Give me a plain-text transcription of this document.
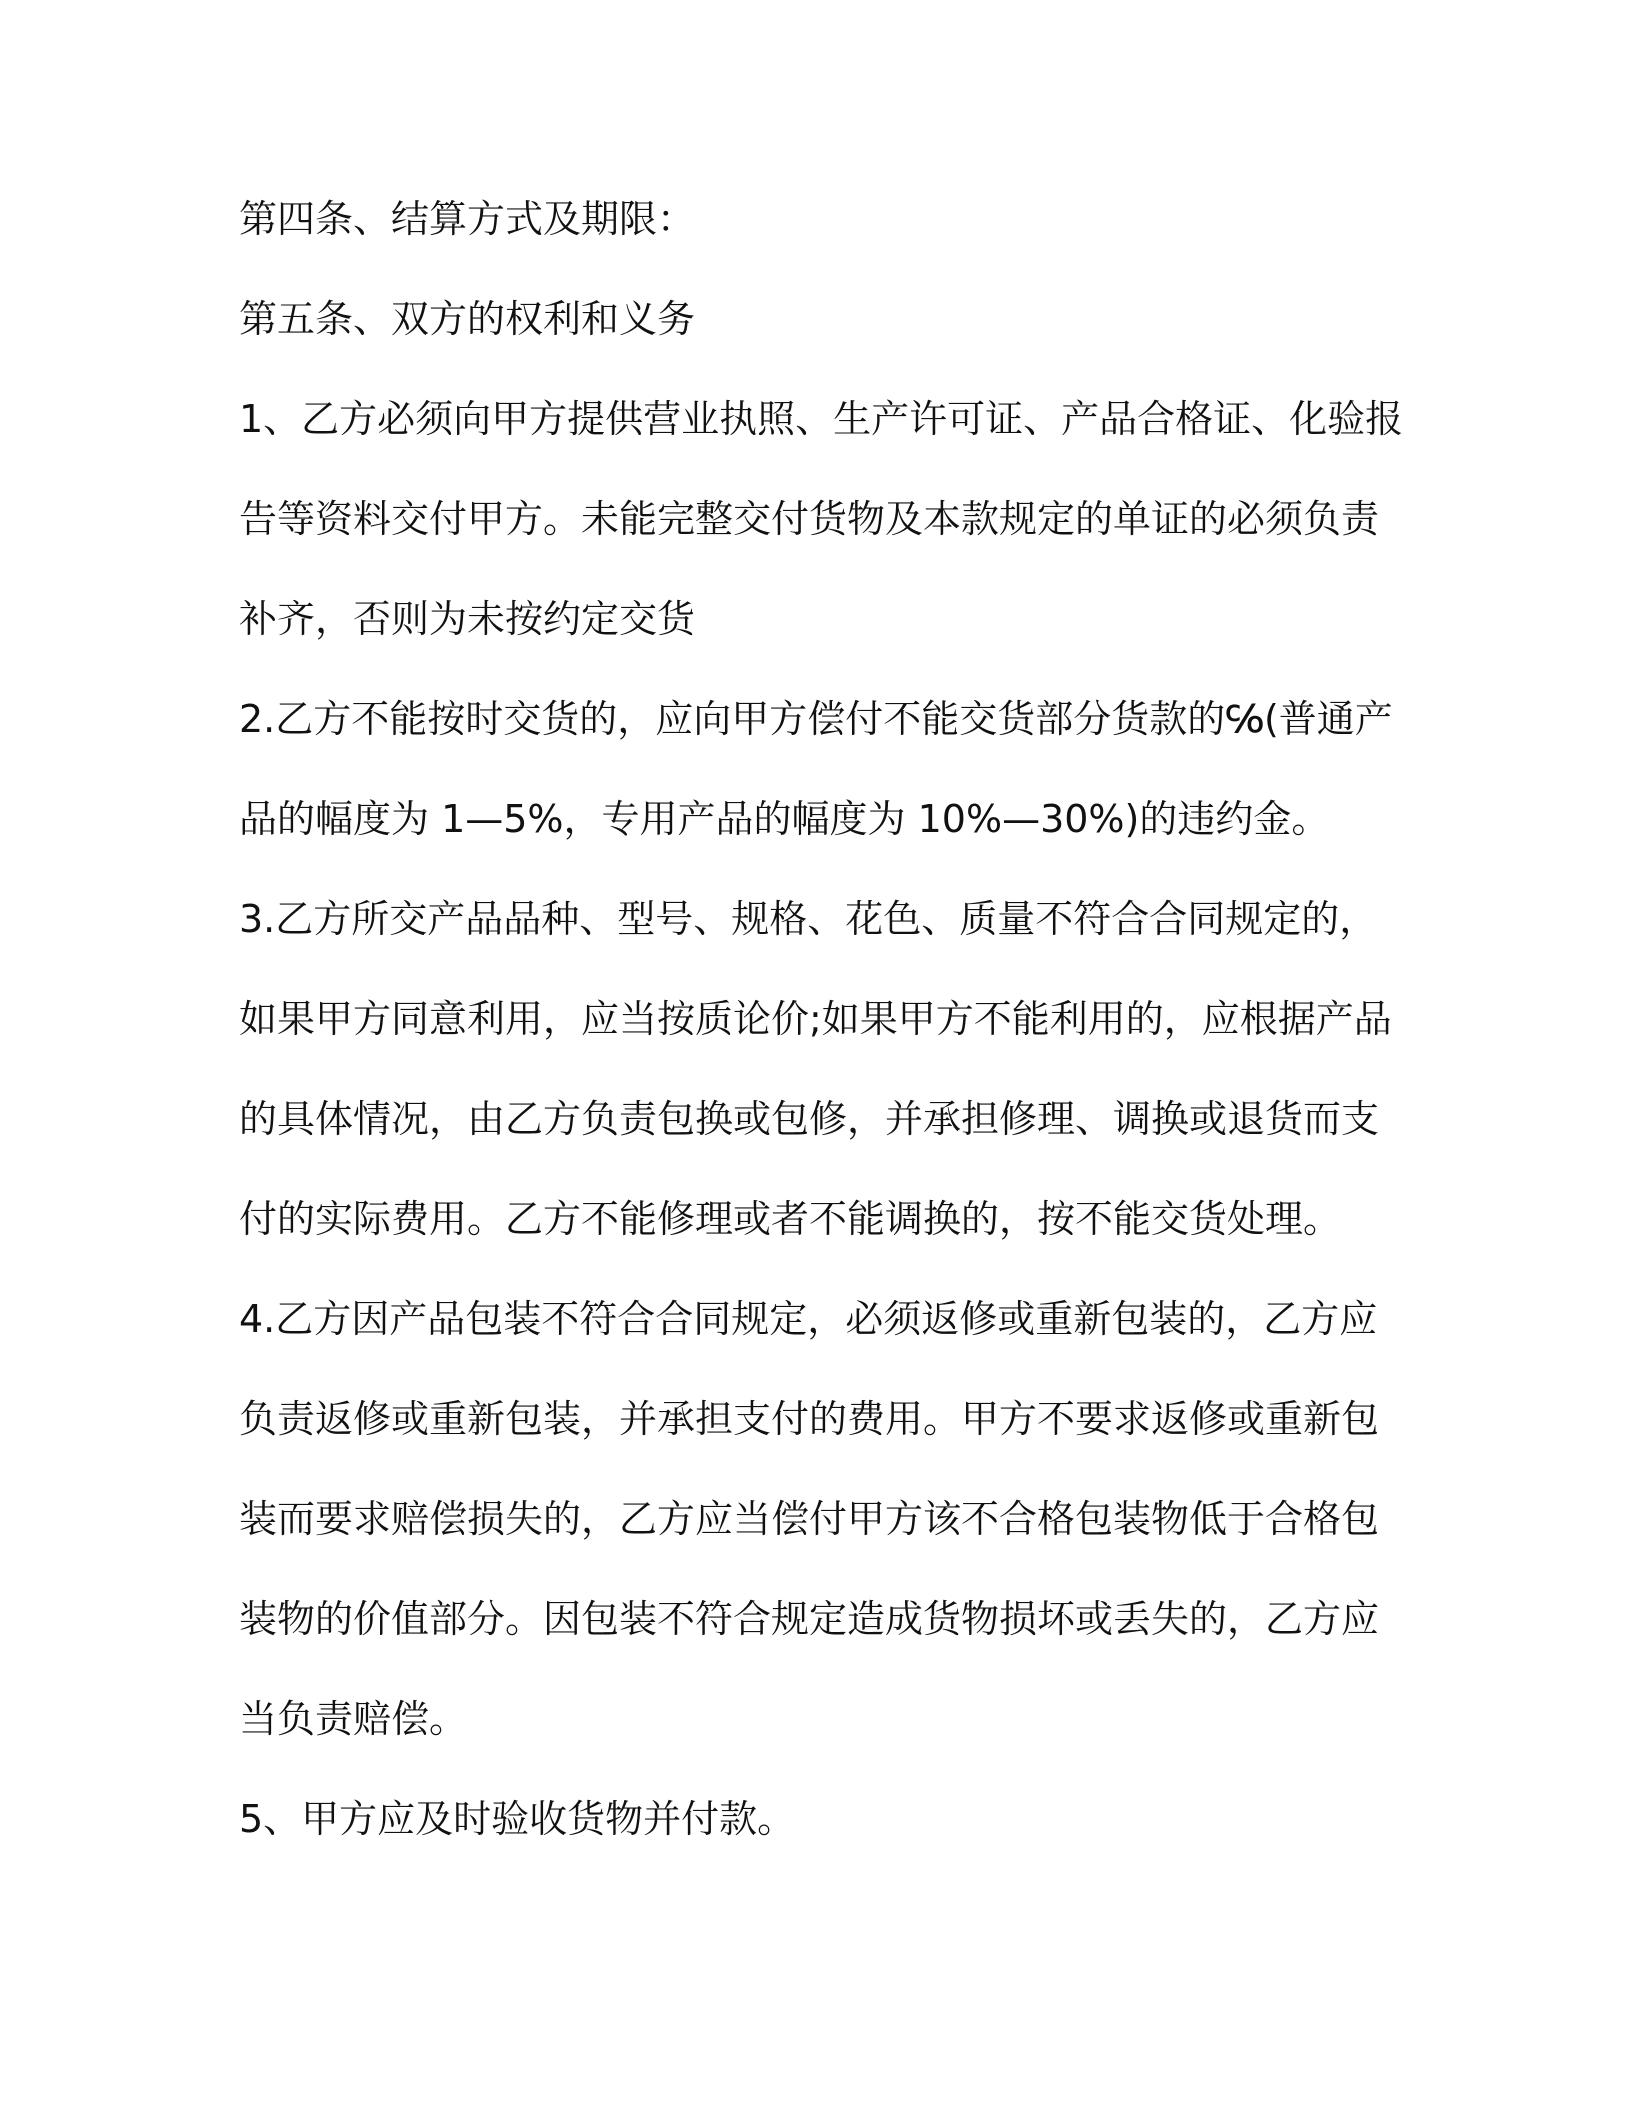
第四条、结算方式及期限：
第五条、双方的权利和义务
1、乙方必须向甲方提供营业执照、生产许可证、产品合格证、化验报
告等资料交付甲方。未能完整交付货物及本款规定的单证的必须负责
补齐，否则为未按约定交货
2.乙方不能按时交货的，应向甲方偿付不能交货部分货款的℅(普通产
品的幅度为 1—5%，专用产品的幅度为 10%—30%)的违约金。
3.乙方所交产品品种、型号、规格、花色、质量不符合合同规定的，
如果甲方同意利用，应当按质论价;如果甲方不能利用的，应根据产品
的具体情况，由乙方负责包换或包修，并承担修理、调换或退货而支
付的实际费用。乙方不能修理或者不能调换的，按不能交货处理。
4.乙方因产品包装不符合合同规定，必须返修或重新包装的，乙方应
负责返修或重新包装，并承担支付的费用。甲方不要求返修或重新包
装而要求赔偿损失的，乙方应当偿付甲方该不合格包装物低于合格包
装物的价值部分。因包装不符合规定造成货物损坏或丢失的，乙方应
当负责赔偿。
5、甲方应及时验收货物并付款。
